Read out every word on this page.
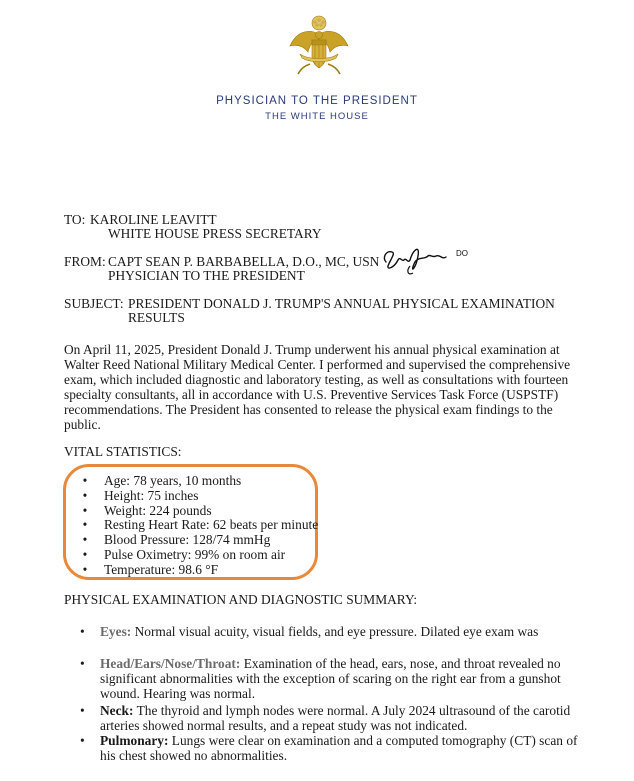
PHYSICIAN TO THE PRESIDENT
THE WHITE HOUSE
TO: KAROLINE LEAVITT
WHITE HOUSE PRESS SECRETARY
FROM: CAPT SEAN P. BARBABELLA, D.O., MC, USN
PHYSICIAN TO THE PRESIDENT
DO
SUBJECT: PRESIDENT DONALD J. TRUMP'S ANNUAL PHYSICAL EXAMINATION
RESULTS
On April 11, 2025, President Donald J. Trump underwent his annual physical examination at
Walter Reed National Military Medical Center. I performed and supervised the comprehensive
exam, which included diagnostic and laboratory testing, as well as consultations with fourteen
specialty consultants, all in accordance with U.S. Preventive Services Task Force (USPSTF)
recommendations. The President has consented to release the physical exam findings to the
public.
VITAL STATISTICS:
• Age: 78 years, 10 months
• Height: 75 inches
• Weight: 224 pounds
• Resting Heart Rate: 62 beats per minute
• Blood Pressure: 128/74 mmHg
• Pulse Oximetry: 99% on room air
• Temperature: 98.6 °F
PHYSICAL EXAMINATION AND DIAGNOSTIC SUMMARY:
• Eyes: Normal visual acuity, visual fields, and eye pressure. Dilated eye exam was
• Head/Ears/Nose/Throat: Examination of the head, ears, nose, and throat revealed no
significant abnormalities with the exception of scaring on the right ear from a gunshot
wound. Hearing was normal.
• Neck: The thyroid and lymph nodes were normal. A July 2024 ultrasound of the carotid
arteries showed normal results, and a repeat study was not indicated.
• Pulmonary: Lungs were clear on examination and a computed tomography (CT) scan of
his chest showed no abnormalities.
